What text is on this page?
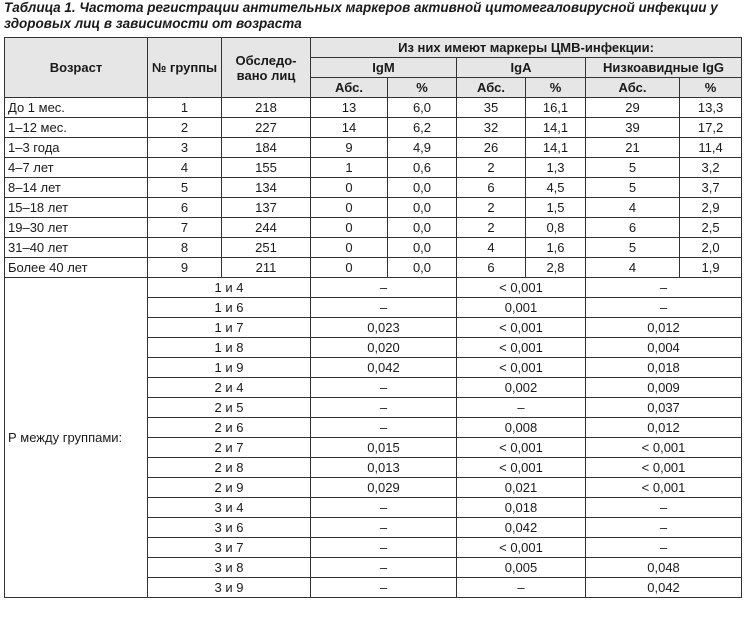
Таблица 1. Частота регистрации антительных маркеров активной цитомегаловирусной инфекции у здоровых лиц в зависимости от возраста
Возраст	№ группы	Обследо-вано лиц	Из них имеют маркеры ЦМВ-инфекции:					
			IgM		IgA		Низкоавидные IgG	
			Абс.	%	Абс.	%	Абс.	%
До 1 мес.	1	218	13	6,0	35	16,1	29	13,3
1–12 мес.	2	227	14	6,2	32	14,1	39	17,2
1–3 года	3	184	9	4,9	26	14,1	21	11,4
4–7 лет	4	155	1	0,6	2	1,3	5	3,2
8–14 лет	5	134	0	0,0	6	4,5	5	3,7
15–18 лет	6	137	0	0,0	2	1,5	4	2,9
19–30 лет	7	244	0	0,0	2	0,8	6	2,5
31–40 лет	8	251	0	0,0	4	1,6	5	2,0
Более 40 лет	9	211	0	0,0	6	2,8	4	1,9
Р между группами:	1 и 4		–		< 0,001		–	
	1 и 6		–		0,001		–	
	1 и 7		0,023		< 0,001		0,012	
	1 и 8		0,020		< 0,001		0,004	
	1 и 9		0,042		< 0,001		0,018	
	2 и 4		–		0,002		0,009	
	2 и 5		–		–		0,037	
	2 и 6		–		0,008		0,012	
	2 и 7		0,015		< 0,001		< 0,001	
	2 и 8		0,013		< 0,001		< 0,001	
	2 и 9		0,029		0,021		< 0,001	
	3 и 4		–		0,018		–	
	3 и 6		–		0,042		–	
	3 и 7		–		< 0,001		–	
	3 и 8		–		0,005		0,048	
	3 и 9		–		–		0,042	
